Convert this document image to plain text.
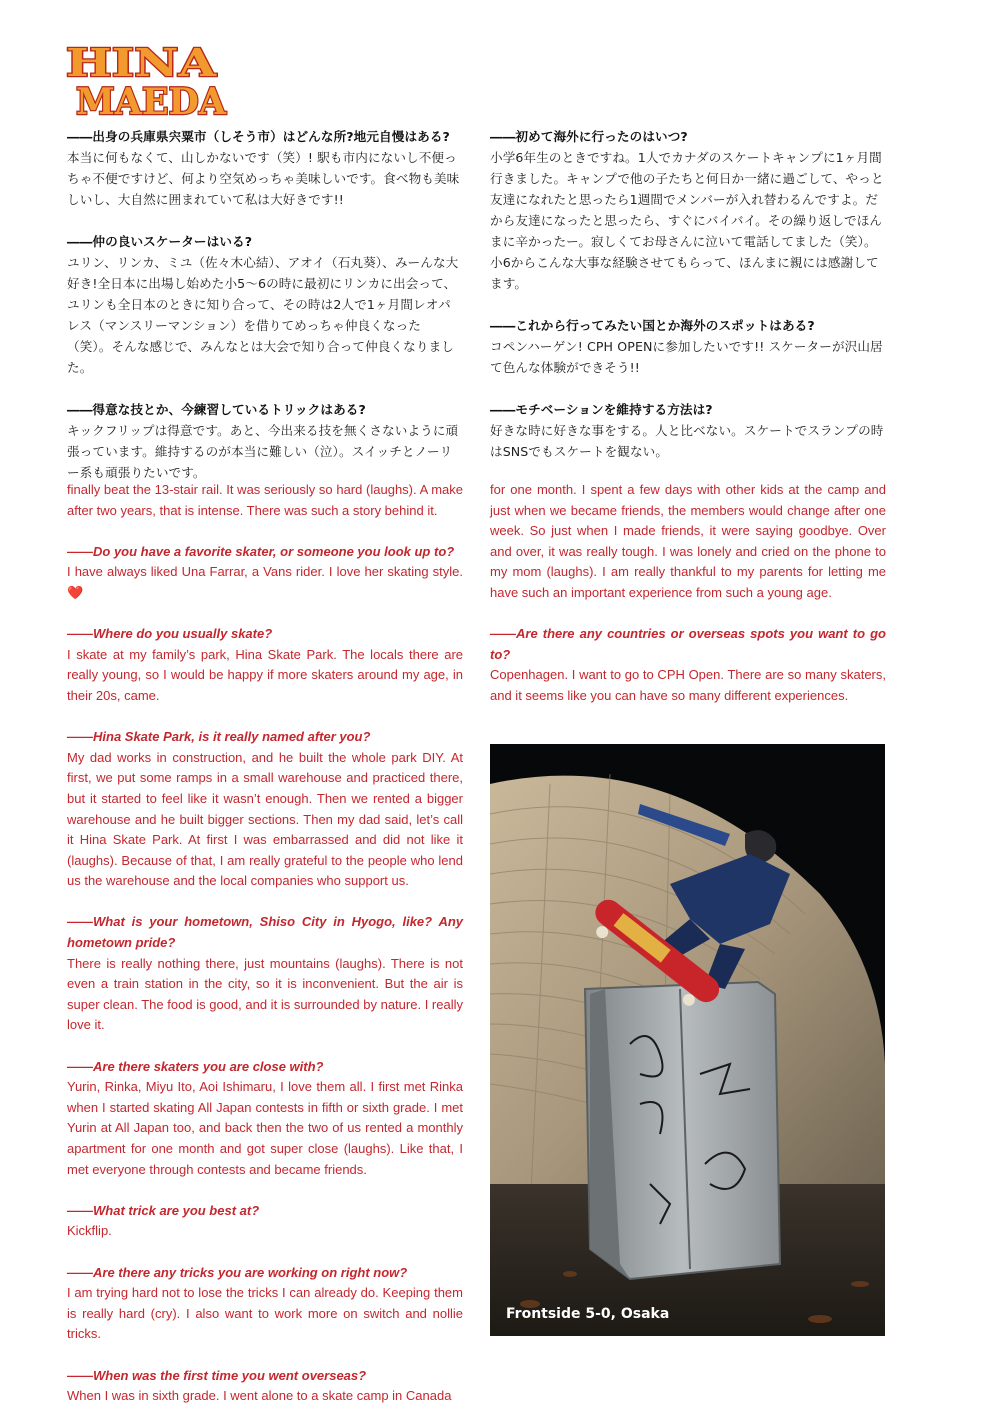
HINA
MAEDA

――出身の兵庫県宍粟市（しそう市）はどんな所?地元自慢はある?

本当に何もなくて、山しかないです（笑）! 駅も市内にないし不便っちゃ不便ですけど、何より空気めっちゃ美味しいです。食べ物も美味しいし、大自然に囲まれていて私は大好きです!!

――仲の良いスケーターはいる?

ユリン、リンカ、ミユ（佐々木心結）、アオイ（石丸葵）、みーんな大好き!全日本に出場し始めた小5〜6の時に最初にリンカに出会って、ユリンも全日本のときに知り合って、その時は2人で1ヶ月間レオパレス（マンスリーマンション）を借りてめっちゃ仲良くなった（笑）。そんな感じで、みんなとは大会で知り合って仲良くなりました。

――得意な技とか、今練習しているトリックはある?

キックフリップは得意です。あと、今出来る技を無くさないように頑張っています。維持するのが本当に難しい（泣）。スイッチとノーリー系も頑張りたいです。

――初めて海外に行ったのはいつ?

小学6年生のときですね。1人でカナダのスケートキャンプに1ヶ月間行きました。キャンプで他の子たちと何日か一緒に過ごして、やっと友達になれたと思ったら1週間でメンバーが入れ替わるんですよ。だから友達になったと思ったら、すぐにバイバイ。その繰り返しでほんまに辛かったー。寂しくてお母さんに泣いて電話してました（笑）。小6からこんな大事な経験させてもらって、ほんまに親には感謝してます。

――これから行ってみたい国とか海外のスポットはある?

コペンハーゲン! CPH OPENに参加したいです!! スケーターが沢山居て色んな体験ができそう!!

――モチベーションを維持する方法は?

好きな時に好きな事をする。人と比べない。スケートでスランプの時はSNSでもスケートを観ない。

finally beat the 13-stair rail. It was seriously so hard (laughs). A make after two years, that is intense. There was such a story behind it.

――Do you have a favorite skater, or someone you look up to?

I have always liked Una Farrar, a Vans rider. I love her skating style.❤️

――Where do you usually skate?

I skate at my family’s park, Hina Skate Park. The locals there are really young, so I would be happy if more skaters around my age, in their 20s, came.

――Hina Skate Park, is it really named after you?

My dad works in construction, and he built the whole park DIY. At first, we put some ramps in a small warehouse and practiced there, but it started to feel like it wasn’t enough. Then we rented a bigger warehouse and he built bigger sections. Then my dad said, let’s call it Hina Skate Park. At first I was embarrassed and did not like it (laughs). Because of that, I am really grateful to the people who lend us the warehouse and the local companies who support us.

――What is your hometown, Shiso City in Hyogo, like? Any hometown pride?

There is really nothing there, just mountains (laughs). There is not even a train station in the city, so it is inconvenient. But the air is super clean. The food is good, and it is surrounded by nature. I really love it.

――Are there skaters you are close with?

Yurin, Rinka, Miyu Ito, Aoi Ishimaru, I love them all. I first met Rinka when I started skating All Japan contests in fifth or sixth grade. I met Yurin at All Japan too, and back then the two of us rented a monthly apartment for one month and got super close (laughs). Like that, I met everyone through contests and became friends.

――What trick are you best at?

Kickflip.

――Are there any tricks you are working on right now?

I am trying hard not to lose the tricks I can already do. Keeping them is really hard (cry). I also want to work more on switch and nollie tricks.

――When was the first time you went overseas?

When I was in sixth grade. I went alone to a skate camp in Canada

for one month. I spent a few days with other kids at the camp and just when we became friends, the members would change after one week. So just when I made friends, it were saying goodbye. Over and over, it was really tough. I was lonely and cried on the phone to my mom (laughs). I am really thankful to my parents for letting me have such an important experience from such a young age.

――Are there any countries or overseas spots you want to go to?

Copenhagen. I want to go to CPH Open. There are so many skaters, and it seems like you can have so many different experiences.

Frontside 5-0, Osaka
